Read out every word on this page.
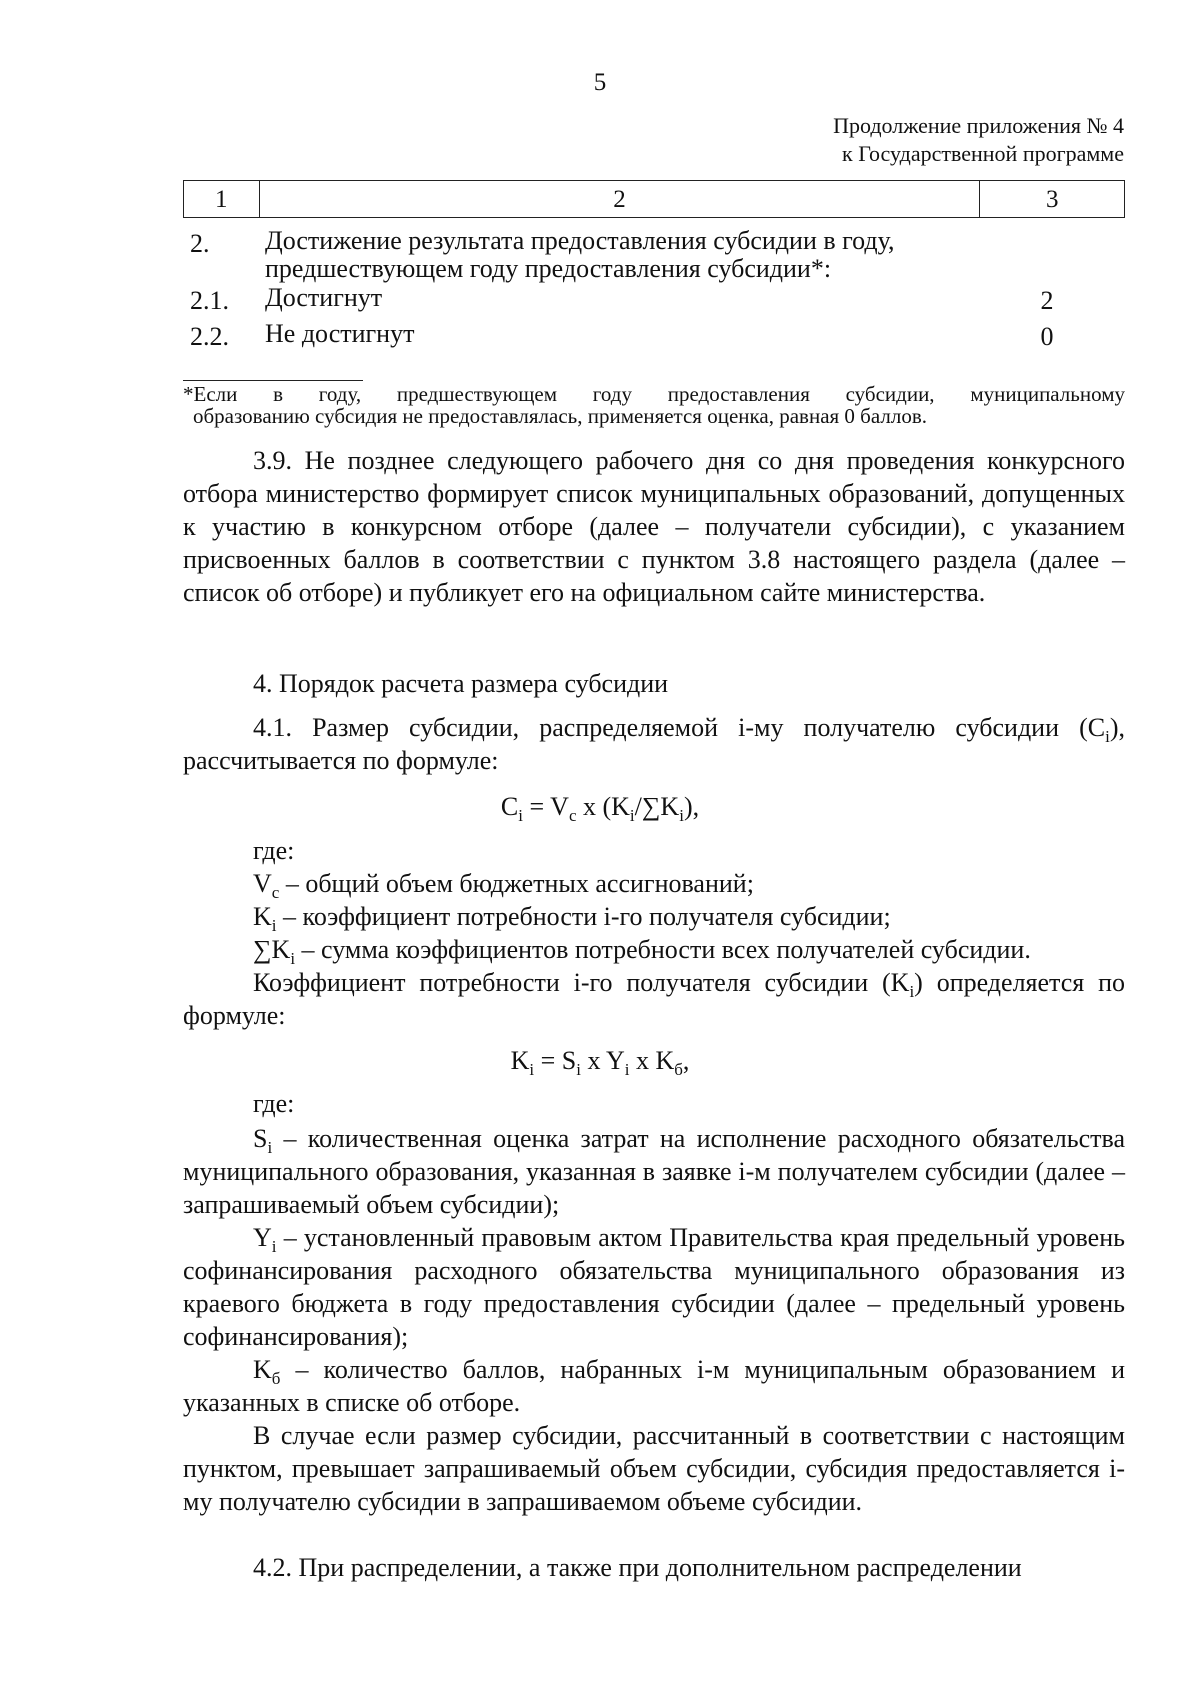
5
Продолжение приложения № 4
к Государственной программе
1	2	3
2. Достижение результата предоставления субсидии в году, предшествующем году предоставления субсидии*:
2.1. Достигнут	2
2.2. Не достигнут	0
*Если в году, предшествующем году предоставления субсидии, муниципальному
образованию субсидия не предоставлялась, применяется оценка, равная 0 баллов.
3.9. Не позднее следующего рабочего дня со дня проведения конкурсного отбора министерство формирует список муниципальных образований, допущенных к участию в конкурсном отборе (далее – получатели субсидии), с указанием присвоенных баллов в соответствии с пунктом 3.8 настоящего раздела (далее – список об отборе) и публикует его на официальном сайте министерства.
4. Порядок расчета размера субсидии
4.1. Размер субсидии, распределяемой i-му получателю субсидии $(C_i)$, рассчитывается по формуле:
$C_i = V_c$ x $(K_i/\sum K_i)$,
где:
$V_c$ – общий объем бюджетных ассигнований;
$K_i$ – коэффициент потребности i-го получателя субсидии;
$\sum K_i$ – сумма коэффициентов потребности всех получателей субсидии.
Коэффициент потребности i-го получателя субсидии $(K_i)$ определяется по формуле:
$K_i = S_i$ x $Y_i$ x $K_б$,
где:
$S_i$ – количественная оценка затрат на исполнение расходного обязательства муниципального образования, указанная в заявке i-м получателем субсидии (далее – запрашиваемый объем субсидии);
$Y_i$ – установленный правовым актом Правительства края предельный уровень софинансирования расходного обязательства муниципального образования из краевого бюджета в году предоставления субсидии (далее – предельный уровень софинансирования);
$K_б$ – количество баллов, набранных i-м муниципальным образованием и указанных в списке об отборе.
В случае если размер субсидии, рассчитанный в соответствии с настоящим пунктом, превышает запрашиваемый объем субсидии, субсидия предоставляется i-му получателю субсидии в запрашиваемом объеме субсидии.
4.2. При распределении, а также при дополнительном распределении
